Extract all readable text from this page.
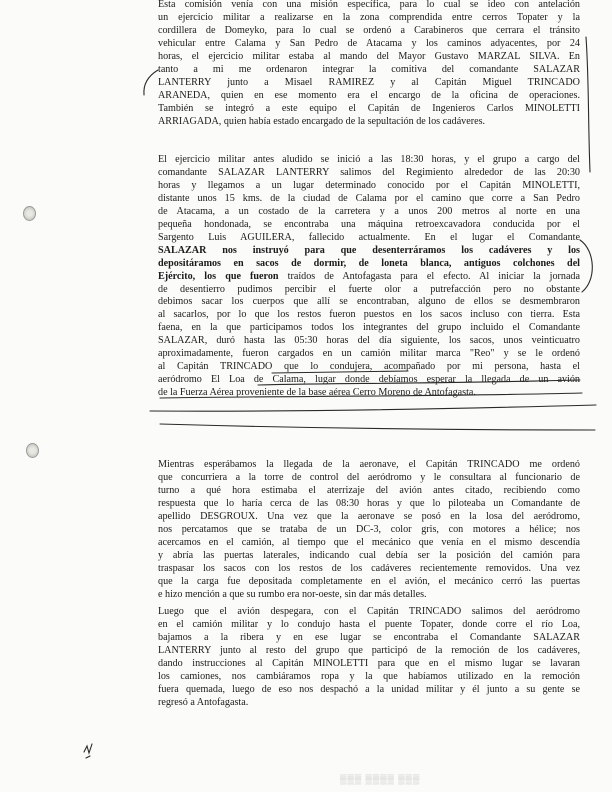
Esta comisión venía con una misión específica, para lo cual se ideo con antelación
un ejercicio militar a realizarse en la zona comprendida entre cerros Topater y la
cordillera de Domeyko, para lo cual se ordenó a Carabineros que cerrara el tránsito
vehicular entre Calama y San Pedro de Atacama y los caminos adyacentes, por 24
horas, el ejercicio militar estaba al mando del Mayor Gustavo MARZAL SILVA. En
tanto a mi me ordenaron integrar la comitiva del comandante SALAZAR
LANTERRY junto a Misael RAMIREZ y al Capitán Miguel TRINCADO
ARANEDA, quien en ese momento era el encargo de la oficina de operaciones.
También se integró a este equipo el Capitán de Ingenieros Carlos MINOLETTI
ARRIAGADA, quien había estado encargado de la sepultación de los cadáveres.
El ejercicio militar antes aludido se inició a las 18:30 horas, y el grupo a cargo del
comandante SALAZAR LANTERRY salimos del Regimiento alrededor de las 20:30
horas y llegamos a un lugar determinado conocido por el Capitán MINOLETTI,
distante unos 15 kms. de la ciudad de Calama por el camino que corre a San Pedro
de Atacama, a un costado de la carretera y a unos 200 metros al norte en una
pequeña hondonada, se encontraba una máquina retroexcavadora conducida por el
Sargento Luis AGUILERA, fallecido actualmente. En el lugar el Comandante
SALAZAR nos instruyó para que desenterráramos los cadáveres y los
depositáramos en sacos de dormir, de loneta blanca, antiguos colchones del
Ejército, los que fueron traídos de Antofagasta para el efecto. Al iniciar la jornada
de desentierro pudimos percibir el fuerte olor a putrefacción pero no obstante
debimos sacar los cuerpos que allí se encontraban, alguno de ellos se desmembraron
al sacarlos, por lo que los restos fueron puestos en los sacos incluso con tierra. Esta
faena, en la que participamos todos los integrantes del grupo incluido el Comandante
SALAZAR, duró hasta las 05:30 horas del día siguiente, los sacos, unos veinticuatro
aproximadamente, fueron cargados en un camión militar marca "Reo" y se le ordenó
al Capitán TRINCADO que lo condujera, acompañado por mi persona, hasta el
aeródromo El Loa de Calama, lugar donde debíamos esperar la llegada de un avión
de la Fuerza Aérea proveniente de la base aérea Cerro Moreno de Antofagasta.
Mientras esperábamos la llegada de la aeronave, el Capitán TRINCADO me ordenó
que concurriera a la torre de control del aeródromo y le consultara al funcionario de
turno a qué hora estimaba el aterrizaje del avión antes citado, recibiendo como
respuesta que lo haría cerca de las 08:30 horas y que lo piloteaba un Comandante de
apellido DESGROUX. Una vez que la aeronave se posó en la losa del aeródromo,
nos percatamos que se trataba de un DC-3, color gris, con motores a hélice; nos
acercamos en el camión, al tiempo que el mecánico que venía en el mismo descendía
y abría las puertas laterales, indicando cual debía ser la posición del camión para
traspasar los sacos con los restos de los cadáveres recientemente removidos. Una vez
que la carga fue depositada completamente en el avión, el mecánico cerró las puertas
e hizo mención a que su rumbo era nor-oeste, sin dar más detalles.
Luego que el avión despegara, con el Capitán TRINCADO salimos del aeródromo
en el camión militar y lo condujo hasta el puente Topater, donde corre el río Loa,
bajamos a la ribera y en ese lugar se encontraba el Comandante SALAZAR
LANTERRY junto al resto del grupo que participó de la remoción de los cadáveres,
dando instrucciones al Capitán MINOLETTI para que en el mismo lugar se lavaran
los camiones, nos cambiáramos ropa y la que habíamos utilizado en la remoción
fuera quemada, luego de eso nos despachó a la unidad militar y él junto a su gente se
regresó a Antofagasta.
▒▒▒ ▒▒▒▒ ▒▒▒
